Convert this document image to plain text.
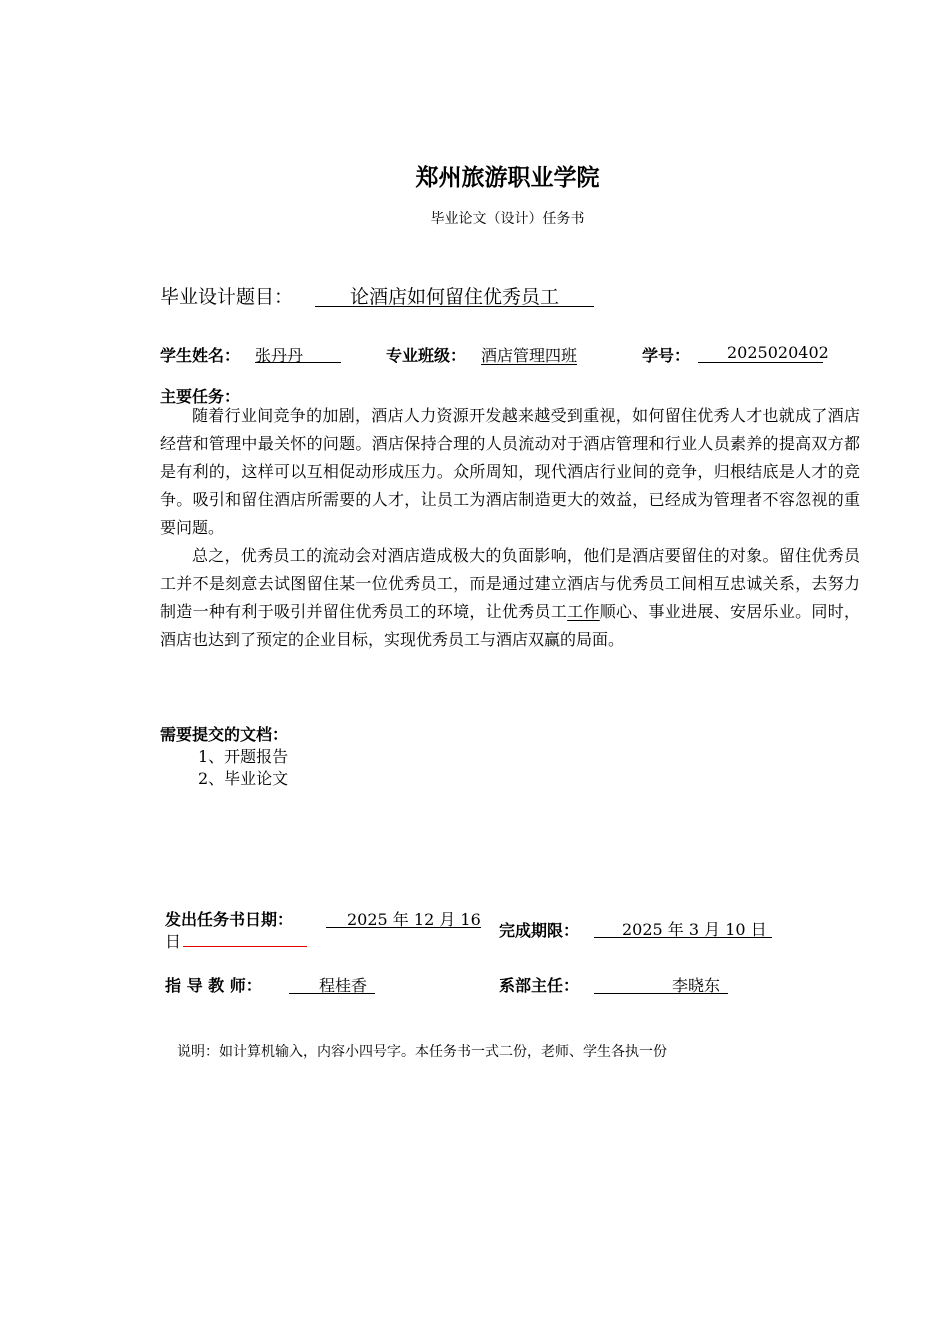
郑州旅游职业学院
毕业论文（设计）任务书
毕业设计题目：	论酒店如何留住优秀员工
学生姓名： 张丹丹	专业班级： 酒店管理四班	学号： 2025020402
主要任务：

随着行业间竞争的加剧，酒店人力资源开发越来越受到重视，如何留住优秀人才也就成了酒店经营和管理中最关怀的问题。酒店保持合理的人员流动对于酒店管理和行业人员素养的提高双方都是有利的，这样可以互相促动形成压力。众所周知，现代酒店行业间的竞争，归根结底是人才的竞争。吸引和留住酒店所需要的人才，让员工为酒店制造更大的效益，已经成为管理者不容忽视的重要问题。

总之，优秀员工的流动会对酒店造成极大的负面影响，他们是酒店要留住的对象。留住优秀员工并不是刻意去试图留住某一位优秀员工，而是通过建立酒店与优秀员工间相互忠诚关系，去努力制造一种有利于吸引并留住优秀员工的环境，让优秀员工工作顺心、事业进展、安居乐业。同时，酒店也达到了预定的企业目标，实现优秀员工与酒店双赢的局面。

需要提交的文档：
1、开题报告
2、毕业论文
发出任务书日期：	2025 年 12 月 16
日
完成期限：	2025 年 3 月 10 日
指 导 教 师：	程桂香	系部主任：	李晓东
说明：如计算机输入，内容小四号字。本任务书一式二份，老师、学生各执一份
